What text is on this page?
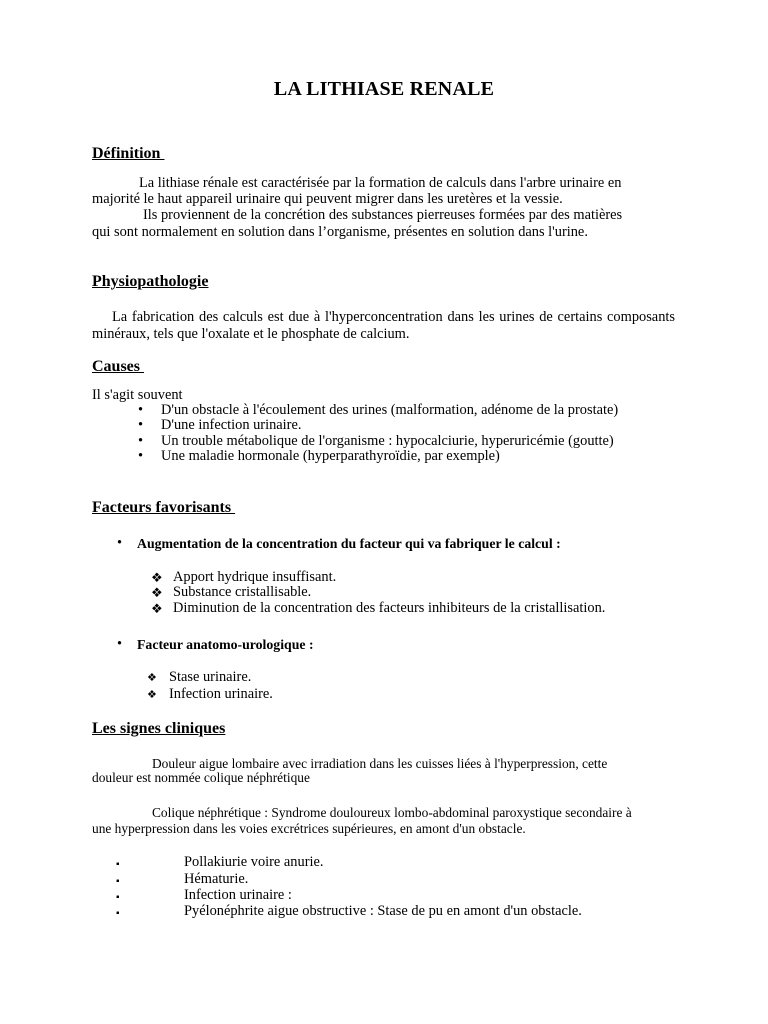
LA LITHIASE RENALE
Définition
La lithiase rénale est caractérisée par la formation de calculs dans l'arbre urinaire en
majorité le haut appareil urinaire qui peuvent migrer dans les uretères et la vessie.
Ils proviennent de la concrétion des substances pierreuses formées par des matières
qui sont normalement en solution dans l’organisme, présentes en solution dans l'urine.
Physiopathologie
La fabrication des calculs est due à l'hyperconcentration dans les urines de certains composants minéraux, tels que l'oxalate et le phosphate de calcium.
Causes
Il s'agit souvent
• D'un obstacle à l'écoulement des urines (malformation, adénome de la prostate)
• D'une infection urinaire.
• Un trouble métabolique de l'organisme : hypocalciurie, hyperuricémie (goutte)
• Une maladie hormonale (hyperparathyroïdie, par exemple)
Facteurs favorisants
• Augmentation de la concentration du facteur qui va fabriquer le calcul :
❖ Apport hydrique insuffisant.
❖ Substance cristallisable.
❖ Diminution de la concentration des facteurs inhibiteurs de la cristallisation.
• Facteur anatomo-urologique :
❖ Stase urinaire.
❖ Infection urinaire.
Les signes cliniques
Douleur aigue lombaire avec irradiation dans les cuisses liées à l'hyperpression, cette
douleur est nommée colique néphrétique
Colique néphrétique : Syndrome douloureux lombo-abdominal paroxystique secondaire à
une hyperpression dans les voies excrétrices supérieures, en amont d'un obstacle.
▪	Pollakiurie voire anurie.
▪	Hématurie.
▪	Infection urinaire :
▪	Pyélonéphrite aigue obstructive : Stase de pu en amont d'un obstacle.
